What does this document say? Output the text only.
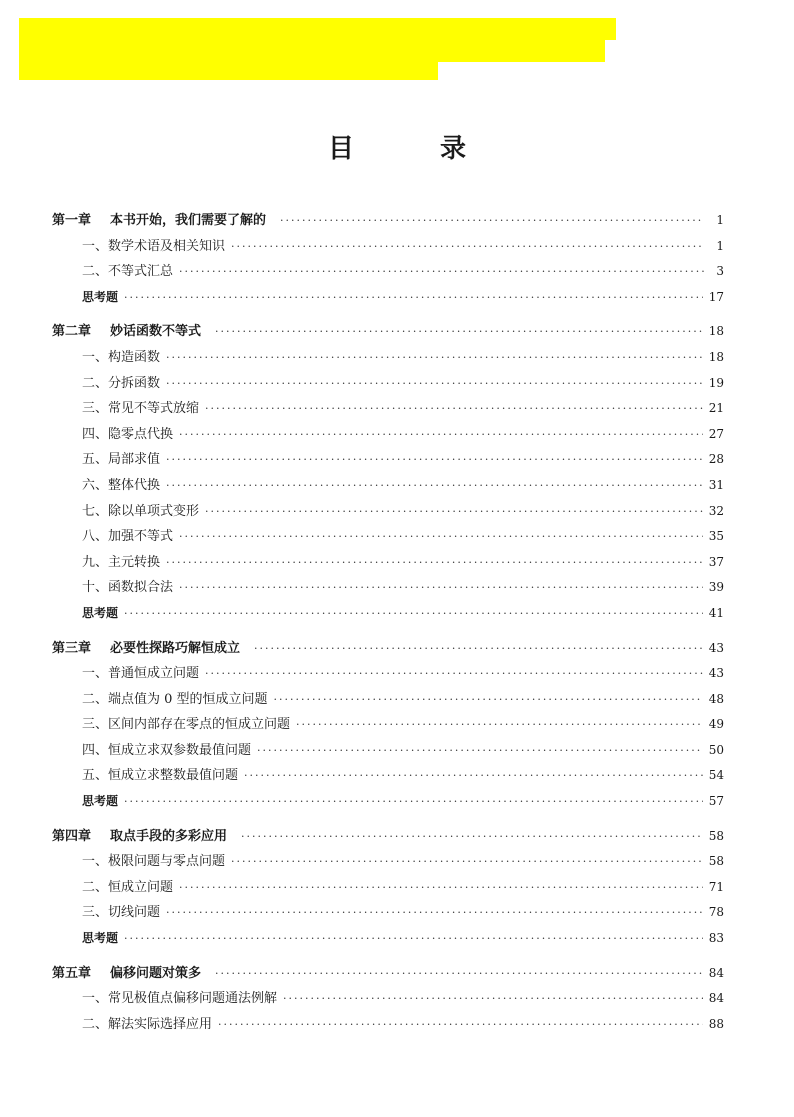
目　录
第一章 本书开始，我们需要了解的 ·····	1
一、数学术语及相关知识 ·····	1
二、不等式汇总 ·····	3
思考题 ·····	17
第二章 妙话函数不等式 ·····	18
一、构造函数 ·····	18
二、分拆函数 ·····	19
三、常见不等式放缩 ·····	21
四、隐零点代换 ·····	27
五、局部求值 ·····	28
六、整体代换 ·····	31
七、除以单项式变形 ·····	32
八、加强不等式 ·····	35
九、主元转换 ·····	37
十、函数拟合法 ·····	39
思考题 ·····	41
第三章 必要性探路巧解恒成立 ·····	43
一、普通恒成立问题 ·····	43
二、端点值为 0 型的恒成立问题 ·····	48
三、区间内部存在零点的恒成立问题 ·····	49
四、恒成立求双参数最值问题 ·····	50
五、恒成立求整数最值问题 ·····	54
思考题 ·····	57
第四章 取点手段的多彩应用 ·····	58
一、极限问题与零点问题 ·····	58
二、恒成立问题 ·····	71
三、切线问题 ·····	78
思考题 ·····	83
第五章 偏移问题对策多 ·····	84
一、常见极值点偏移问题通法例解 ·····	84
二、解法实际选择应用 ·····	88
